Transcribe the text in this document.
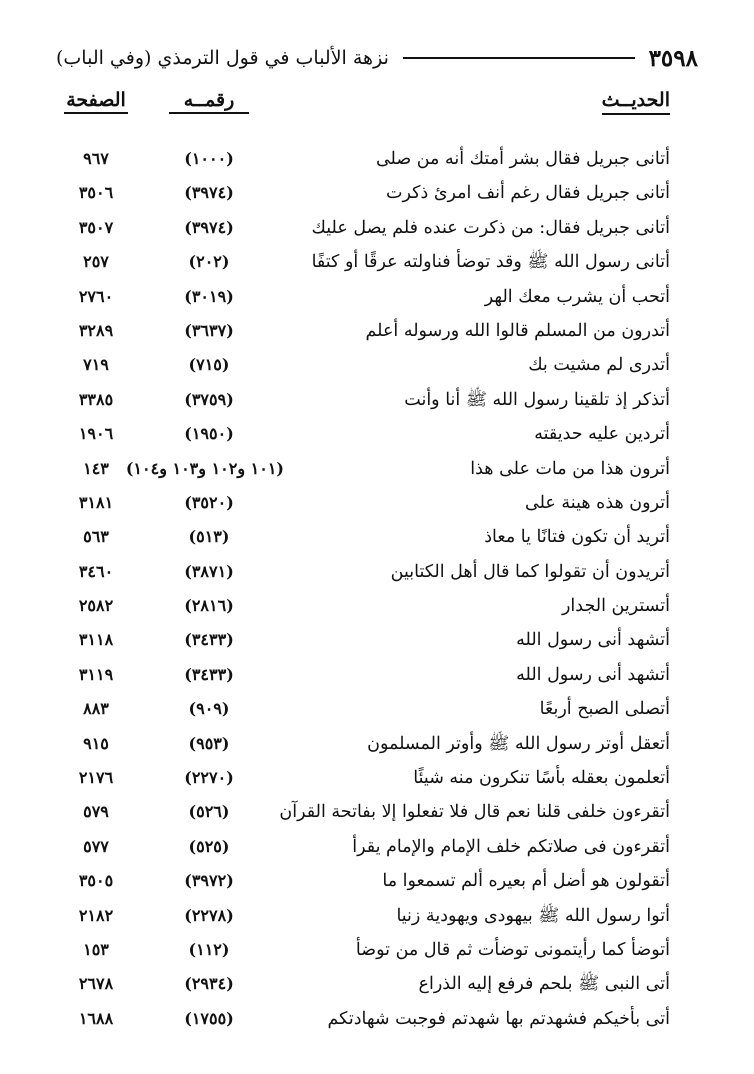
٣٥٩٨
نزهة الألباب في قول الترمذي (وفي الباب)
الحديــث
رقمــه
الصفحة
أتانى جبريل فقال بشر أمتك أنه من صلى
(١٠٠٠)
٩٦٧
أتانى جبريل فقال رغم أنف امرئ ذكرت
(٣٩٧٤)
٣٥٠٦
أتانى جبريل فقال: من ذكرت عنده فلم يصل عليك
(٣٩٧٤)
٣٥٠٧
أتانى رسول الله ﷺ وقد توضأ فناولته عرقًا أو كتفًا
(٢٠٢)
٢٥٧
أتحب أن يشرب معك الهر
(٣٠١٩)
٢٧٦٠
أتدرون من المسلم قالوا الله ورسوله أعلم
(٣٦٣٧)
٣٢٨٩
أتدرى لم مشيت بك
(٧١٥)
٧١٩
أتذكر إذ تلقينا رسول الله ﷺ أنا وأنت
(٣٧٥٩)
٣٣٨٥
أتردين عليه حديقته
(١٩٥٠)
١٩٠٦
أترون هذا من مات على هذا
(١٠١ و١٠٢ و١٠٣ و١٠٤)
١٤٣
أترون هذه هينة على
(٣٥٢٠)
٣١٨١
أتريد أن تكون فتانًا يا معاذ
(٥١٣)
٥٦٣
أتريدون أن تقولوا كما قال أهل الكتابين
(٣٨٧١)
٣٤٦٠
أتسترين الجدار
(٢٨١٦)
٢٥٨٢
أتشهد أنى رسول الله
(٣٤٣٣)
٣١١٨
أتشهد أنى رسول الله
(٣٤٣٣)
٣١١٩
أتصلى الصبح أربعًا
(٩٠٩)
٨٨٣
أتعقل أوتر رسول الله ﷺ وأوتر المسلمون
(٩٥٣)
٩١٥
أتعلمون بعقله بأسًا تنكرون منه شيئًا
(٢٢٧٠)
٢١٧٦
أتقرءون خلفى قلنا نعم قال فلا تفعلوا إلا بفاتحة القرآن
(٥٢٦)
٥٧٩
أتقرءون فى صلاتكم خلف الإمام والإمام يقرأ
(٥٢٥)
٥٧٧
أتقولون هو أضل أم بعيره ألم تسمعوا ما
(٣٩٧٢)
٣٥٠٥
أتوا رسول الله ﷺ بيهودى ويهودية زنيا
(٢٢٧٨)
٢١٨٢
أتوضأ كما رأيتمونى توضأت ثم قال من توضأ
(١١٢)
١٥٣
أتى النبى ﷺ بلحم فرفع إليه الذراع
(٢٩٣٤)
٢٦٧٨
أتى بأخيكم فشهدتم بها شهدتم فوجبت شهادتكم
(١٧٥٥)
١٦٨٨
